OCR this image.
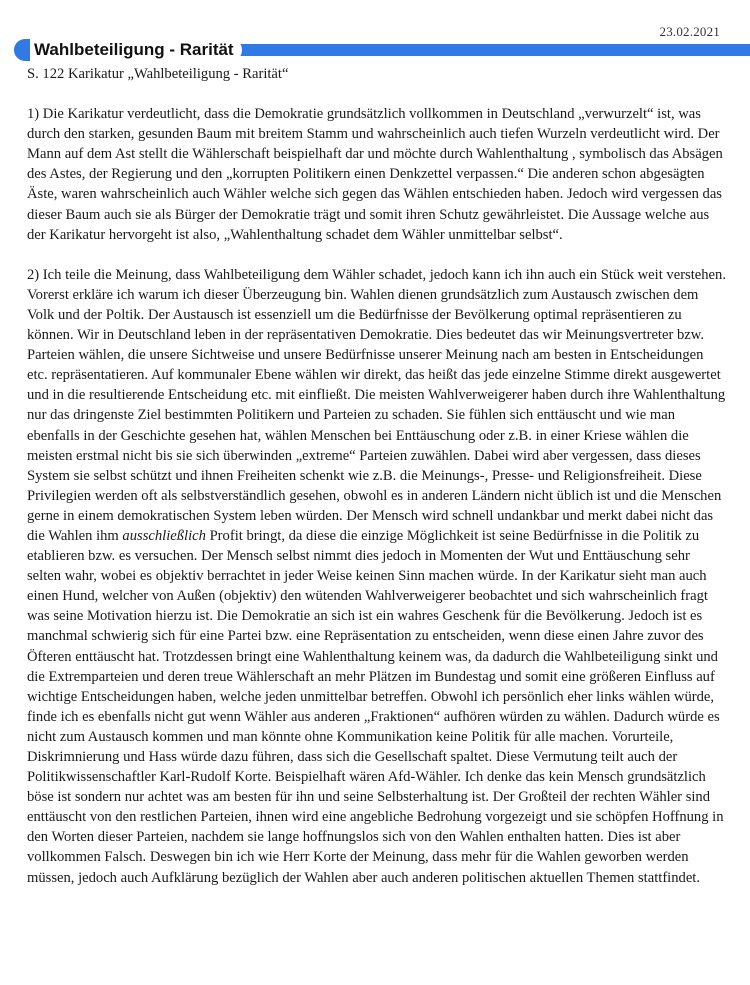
23.02.2021
Wahlbeteiligung - Rarität

S. 122 Karikatur „Wahlbeteiligung - Rarität“

1) Die Karikatur verdeutlicht, dass die Demokratie grundsätzlich vollkommen in Deutschland „verwurzelt“ ist, was durch den starken, gesunden Baum mit breitem Stamm und wahrscheinlich auch tiefen Wurzeln verdeutlicht wird. Der Mann auf dem Ast stellt die Wählerschaft beispielhaft dar und möchte durch Wahlenthaltung , symbolisch das Absägen des Astes, der Regierung und den „korrupten Politikern einen Denkzettel verpassen.“ Die anderen schon abgesägten Äste, waren wahrscheinlich auch Wähler welche sich gegen das Wählen entschieden haben. Jedoch wird vergessen das dieser Baum auch sie als Bürger der Demokratie trägt und somit ihren Schutz gewährleistet. Die Aussage welche aus der Karikatur hervorgeht ist also, „Wahlenthaltung schadet dem Wähler unmittelbar selbst“.

2) Ich teile die Meinung, dass Wahlbeteiligung dem Wähler schadet, jedoch kann ich ihn auch ein Stück weit verstehen. Vorerst erkläre ich warum ich dieser Überzeugung bin. Wahlen dienen grundsätzlich zum Austausch zwischen dem Volk und der Poltik. Der Austausch ist essenziell um die Bedürfnisse der Bevölkerung optimal repräsentieren zu können. Wir in Deutschland leben in der repräsentativen Demokratie. Dies bedeutet das wir Meinungsvertreter bzw. Parteien wählen, die unsere Sichtweise und unsere Bedürfnisse unserer Meinung nach am besten in Entscheidungen etc. repräsentatieren. Auf kommunaler Ebene wählen wir direkt, das heißt das jede einzelne Stimme direkt ausgewertet und in die resultierende Entscheidung etc. mit einfließt. Die meisten Wahlverweigerer haben durch ihre Wahlenthaltung nur das dringenste Ziel bestimmten Politikern und Parteien zu schaden. Sie fühlen sich enttäuscht und wie man ebenfalls in der Geschichte gesehen hat, wählen Menschen bei Enttäuschung oder z.B. in einer Kriese wählen die meisten erstmal nicht bis sie sich überwinden „extreme“ Parteien zuwählen. Dabei wird aber vergessen, dass dieses System sie selbst schützt und ihnen Freiheiten schenkt wie z.B. die Meinungs-, Presse- und Religionsfreiheit. Diese Privilegien werden oft als selbstverständlich gesehen, obwohl es in anderen Ländern nicht üblich ist und die Menschen gerne in einem demokratischen System leben würden. Der Mensch wird schnell undankbar und merkt dabei nicht das die Wahlen ihm ausschließlich Profit bringt, da diese die einzige Möglichkeit ist seine Bedürfnisse in die Politik zu etablieren bzw. es versuchen. Der Mensch selbst nimmt dies jedoch in Momenten der Wut und Enttäuschung sehr selten wahr, wobei es objektiv berrachtet in jeder Weise keinen Sinn machen würde. In der Karikatur sieht man auch einen Hund, welcher von Außen (objektiv) den wütenden Wahlverweigerer beobachtet und sich wahrscheinlich fragt was seine Motivation hierzu ist. Die Demokratie an sich ist ein wahres Geschenk für die Bevölkerung. Jedoch ist es manchmal schwierig sich für eine Partei bzw. eine Repräsentation zu entscheiden, wenn diese einen Jahre zuvor des Öfteren enttäuscht hat. Trotzdessen bringt eine Wahlenthaltung keinem was, da dadurch die Wahlbeteiligung sinkt und die Extremparteien und deren treue Wählerschaft an mehr Plätzen im Bundestag und somit eine größeren Einfluss auf wichtige Entscheidungen haben, welche jeden unmittelbar betreffen. Obwohl ich persönlich eher links wählen würde, finde ich es ebenfalls nicht gut wenn Wähler aus anderen „Fraktionen“ aufhören würden zu wählen. Dadurch würde es nicht zum Austausch kommen und man könnte ohne Kommunikation keine Politik für alle machen. Vorurteile, Diskrimnierung und Hass würde dazu führen, dass sich die Gesellschaft spaltet. Diese Vermutung teilt auch der Politikwissenschaftler Karl-Rudolf Korte. Beispielhaft wären Afd-Wähler. Ich denke das kein Mensch grundsätzlich böse ist sondern nur achtet was am besten für ihn und seine Selbsterhaltung ist. Der Großteil der rechten Wähler sind enttäuscht von den restlichen Parteien, ihnen wird eine angebliche Bedrohung vorgezeigt und sie schöpfen Hoffnung in den Worten dieser Parteien, nachdem sie lange hoffnungslos sich von den Wahlen enthalten hatten. Dies ist aber vollkommen Falsch. Deswegen bin ich wie Herr Korte der Meinung, dass mehr für die Wahlen geworben werden müssen, jedoch auch Aufklärung bezüglich der Wahlen aber auch anderen politischen aktuellen Themen stattfindet.
